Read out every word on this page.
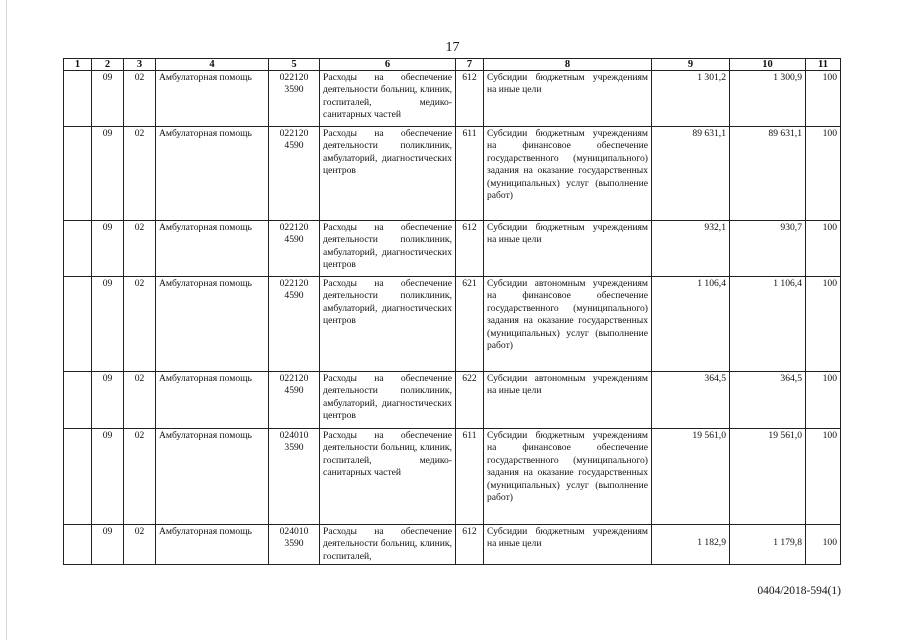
17
1	2	3	4	5	6	7	8	9	10	11
	09	02	Амбулаторная помощь	022120 3590	Расходы на обеспечение деятельности больниц, клиник, госпиталей, медико-санитарных частей	612	Субсидии бюджетным учреждениям на иные цели	1 301,2	1 300,9	100
	09	02	Амбулаторная помощь	022120 4590	Расходы на обеспечение деятельности поликлиник, амбулаторий, диагностических центров	611	Субсидии бюджетным учреждениям на финансовое обеспечение государственного (муниципального) задания на оказание государственных (муниципальных) услуг (выполнение работ)	89 631,1	89 631,1	100
	09	02	Амбулаторная помощь	022120 4590	Расходы на обеспечение деятельности поликлиник, амбулаторий, диагностических центров	612	Субсидии бюджетным учреждениям на иные цели	932,1	930,7	100
	09	02	Амбулаторная помощь	022120 4590	Расходы на обеспечение деятельности поликлиник, амбулаторий, диагностических центров	621	Субсидии автономным учреждениям на финансовое обеспечение государственного (муниципального) задания на оказание государственных (муниципальных) услуг (выполнение работ)	1 106,4	1 106,4	100
	09	02	Амбулаторная помощь	022120 4590	Расходы на обеспечение деятельности поликлиник, амбулаторий, диагностических центров	622	Субсидии автономным учреждениям на иные цели	364,5	364,5	100
	09	02	Амбулаторная помощь	024010 3590	Расходы на обеспечение деятельности больниц, клиник, госпиталей, медико-санитарных частей	611	Субсидии бюджетным учреждениям на финансовое обеспечение государственного (муниципального) задания на оказание государственных (муниципальных) услуг (выполнение работ)	19 561,0	19 561,0	100
	09	02	Амбулаторная помощь	024010 3590	Расходы на обеспечение деятельности больниц, клиник, госпиталей,	612	Субсидии бюджетным учреждениям на иные цели	1 182,9	1 179,8	100
0404/2018-594(1)
